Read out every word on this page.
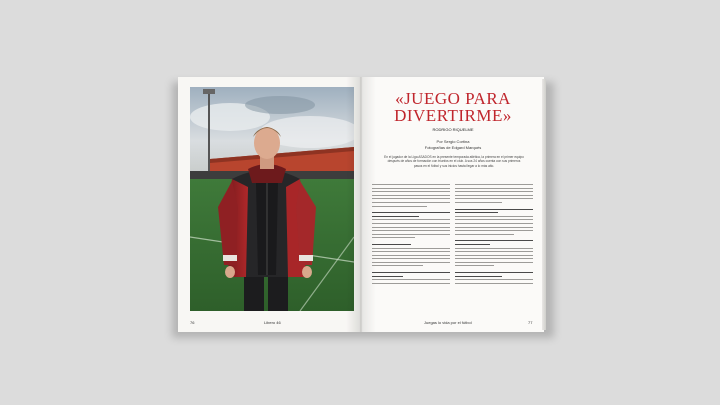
76	Libero 46
«JUEGO PARA
DIVERTIRME»
RODRIGO RIQUELME
Por Sergio Cortina
Fotografías de Edgard Marqués
En el jugador de la Liga ASADOS en la presente temporada atlética, la primera en el primer equipo después de años de formación con triunfos en el club. A sus 24 años cuenta con sus primeros pasos en el fútbol y sus inicios hasta llegar a lo más alto.
Juegas lo vida por el fútbol	77
